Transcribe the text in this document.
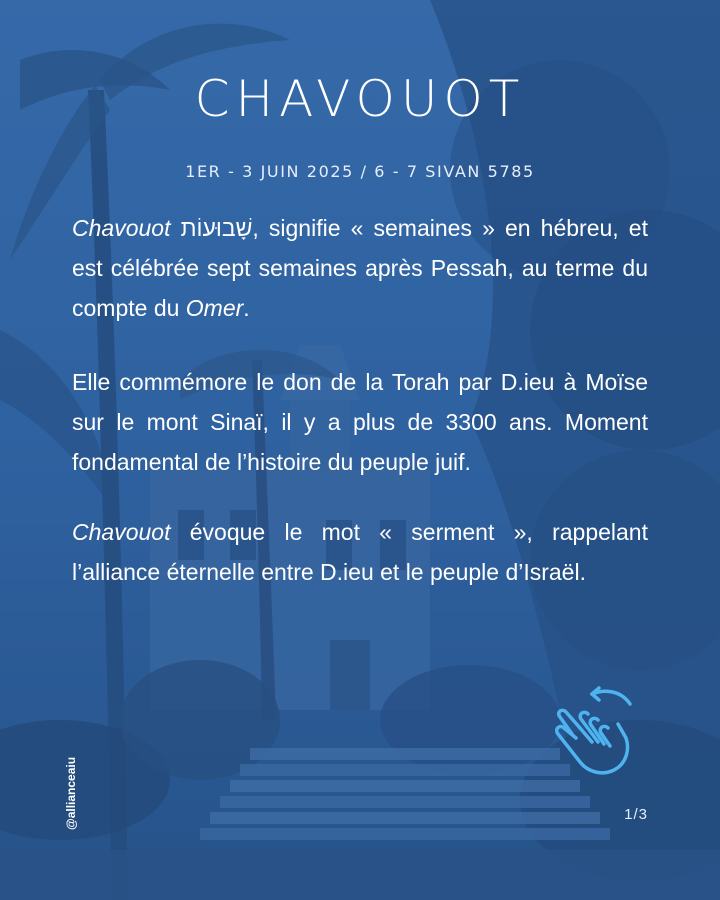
CHAVOUOT
1ER - 3 JUIN 2025 / 6 - 7 SIVAN 5785

Chavouot שָׁבוּעוֹת, signifie « semaines » en hébreu, et est célébrée sept semaines après Pessah, au terme du compte du Omer.

Elle commémore le don de la Torah par D.ieu à Moïse sur le mont Sinaï, il y a plus de 3300 ans. Moment fondamental de l’histoire du peuple juif.

Chavouot évoque le mot « serment », rappelant l’alliance éternelle entre D.ieu et le peuple d’Israël.

1/3
@allianceaiu
